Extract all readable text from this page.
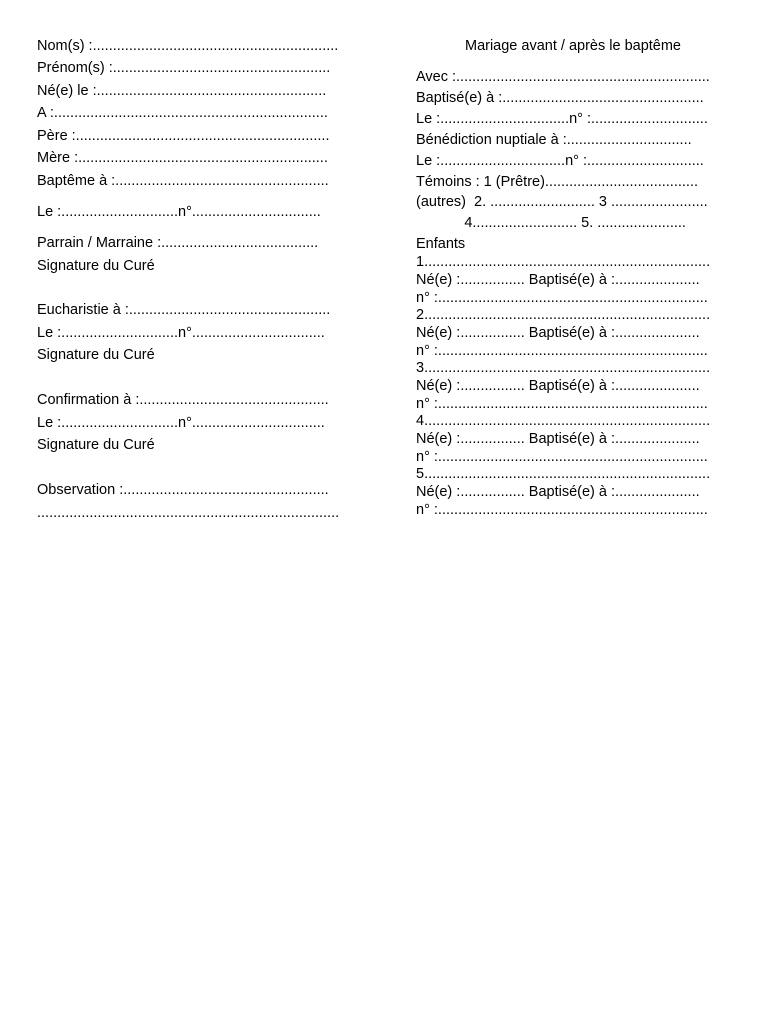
Nom(s) :.............................................................
Prénom(s) :......................................................
Né(e) le :.........................................................
A :....................................................................
Père :...............................................................
Mère :..............................................................
Baptême à :.....................................................
Le :.............................n°................................
Parrain / Marraine :.......................................
Signature du Curé
Eucharistie à :..................................................
Le :.............................n°.................................
Signature du Curé
Confirmation à :...............................................
Le :.............................n°.................................
Signature du Curé
Observation :...................................................
...........................................................................
Mariage avant / après le baptême
Avec :...............................................................
Baptisé(e) à :..................................................
Le :................................n° :.............................
Bénédiction nuptiale à :...............................
Le :...............................n° :.............................
Témoins : 1 (Prêtre)......................................
(autres)  2. .......................... 3 ........................
4.......................... 5. ......................
Enfants
1.......................................................................
Né(e) :................ Baptisé(e) à :.....................
n° :...................................................................
2.......................................................................
Né(e) :................ Baptisé(e) à :.....................
n° :...................................................................
3.......................................................................
Né(e) :................ Baptisé(e) à :.....................
n° :...................................................................
4.......................................................................
Né(e) :................ Baptisé(e) à :.....................
n° :...................................................................
5.......................................................................
Né(e) :................ Baptisé(e) à :.....................
n° :...................................................................
